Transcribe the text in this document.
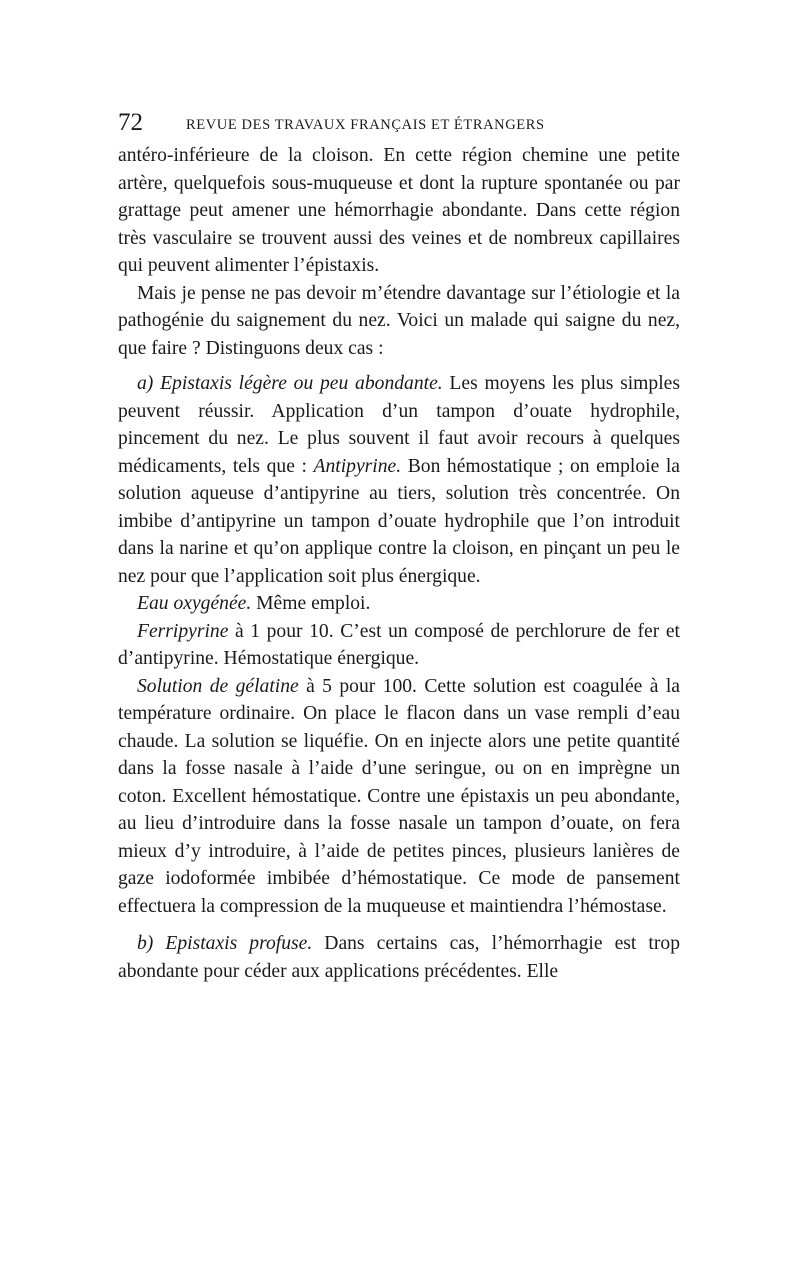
72	REVUE DES TRAVAUX FRANÇAIS ET ÉTRANGERS

antéro-inférieure de la cloison. En cette région chemine une petite artère, quelquefois sous-muqueuse et dont la rupture spontanée ou par grattage peut amener une hémorrhagie abondante. Dans cette région très vasculaire se trouvent aussi des veines et de nombreux capillaires qui peuvent alimenter l’épistaxis.

Mais je pense ne pas devoir m’étendre davantage sur l’étiologie et la pathogénie du saignement du nez. Voici un malade qui saigne du nez, que faire ? Distinguons deux cas :

a) Epistaxis légère ou peu abondante. Les moyens les plus simples peuvent réussir. Application d’un tampon d’ouate hydrophile, pincement du nez. Le plus souvent il faut avoir recours à quelques médicaments, tels que : Antipyrine. Bon hémostatique ; on emploie la solution aqueuse d’antipyrine au tiers, solution très concentrée. On imbibe d’antipyrine un tampon d’ouate hydrophile que l’on introduit dans la narine et qu’on applique contre la cloison, en pinçant un peu le nez pour que l’application soit plus énergique.

Eau oxygénée. Même emploi.

Ferripyrine à 1 pour 10. C’est un composé de perchlorure de fer et d’antipyrine. Hémostatique énergique.

Solution de gélatine à 5 pour 100. Cette solution est coagulée à la température ordinaire. On place le flacon dans un vase rempli d’eau chaude. La solution se liquéfie. On en injecte alors une petite quantité dans la fosse nasale à l’aide d’une seringue, ou on en imprègne un coton. Excellent hémostatique. Contre une épistaxis un peu abondante, au lieu d’introduire dans la fosse nasale un tampon d’ouate, on fera mieux d’y introduire, à l’aide de petites pinces, plusieurs lanières de gaze iodoformée imbibée d’hémostatique. Ce mode de pansement effectuera la compression de la muqueuse et maintiendra l’hémostase.

b) Epistaxis profuse. Dans certains cas, l’hémorrhagie est trop abondante pour céder aux applications précédentes. Elle
